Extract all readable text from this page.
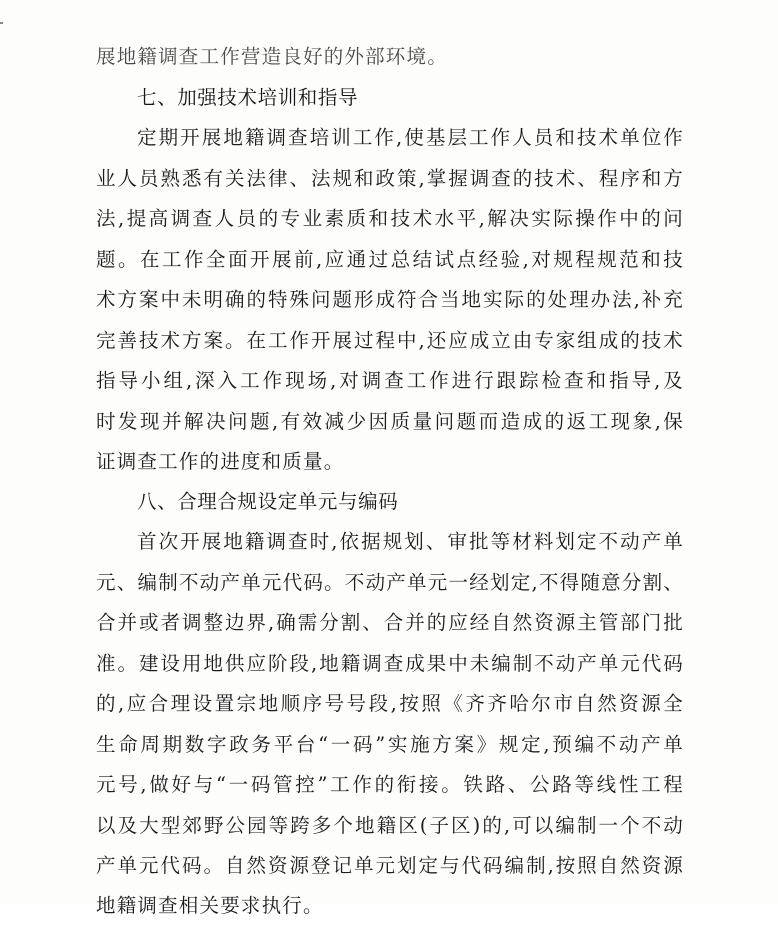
展地籍调查工作营造良好的外部环境。
七、加强技术培训和指导
定期开展地籍调查培训工作,使基层工作人员和技术单位作
业人员熟悉有关法律、法规和政策,掌握调查的技术、程序和方
法,提高调查人员的专业素质和技术水平,解决实际操作中的问
题。在工作全面开展前,应通过总结试点经验,对规程规范和技
术方案中未明确的特殊问题形成符合当地实际的处理办法,补充
完善技术方案。在工作开展过程中,还应成立由专家组成的技术
指导小组,深入工作现场,对调查工作进行跟踪检查和指导,及
时发现并解决问题,有效减少因质量问题而造成的返工现象,保
证调查工作的进度和质量。
八、合理合规设定单元与编码
首次开展地籍调查时,依据规划、审批等材料划定不动产单
元、编制不动产单元代码。不动产单元一经划定,不得随意分割、
合并或者调整边界,确需分割、合并的应经自然资源主管部门批
准。建设用地供应阶段,地籍调查成果中未编制不动产单元代码
的,应合理设置宗地顺序号号段,按照《齐齐哈尔市自然资源全
生命周期数字政务平台“一码”实施方案》规定,预编不动产单
元号,做好与“一码管控”工作的衔接。铁路、公路等线性工程
以及大型郊野公园等跨多个地籍区(子区)的,可以编制一个不动
产单元代码。自然资源登记单元划定与代码编制,按照自然资源
地籍调查相关要求执行。
